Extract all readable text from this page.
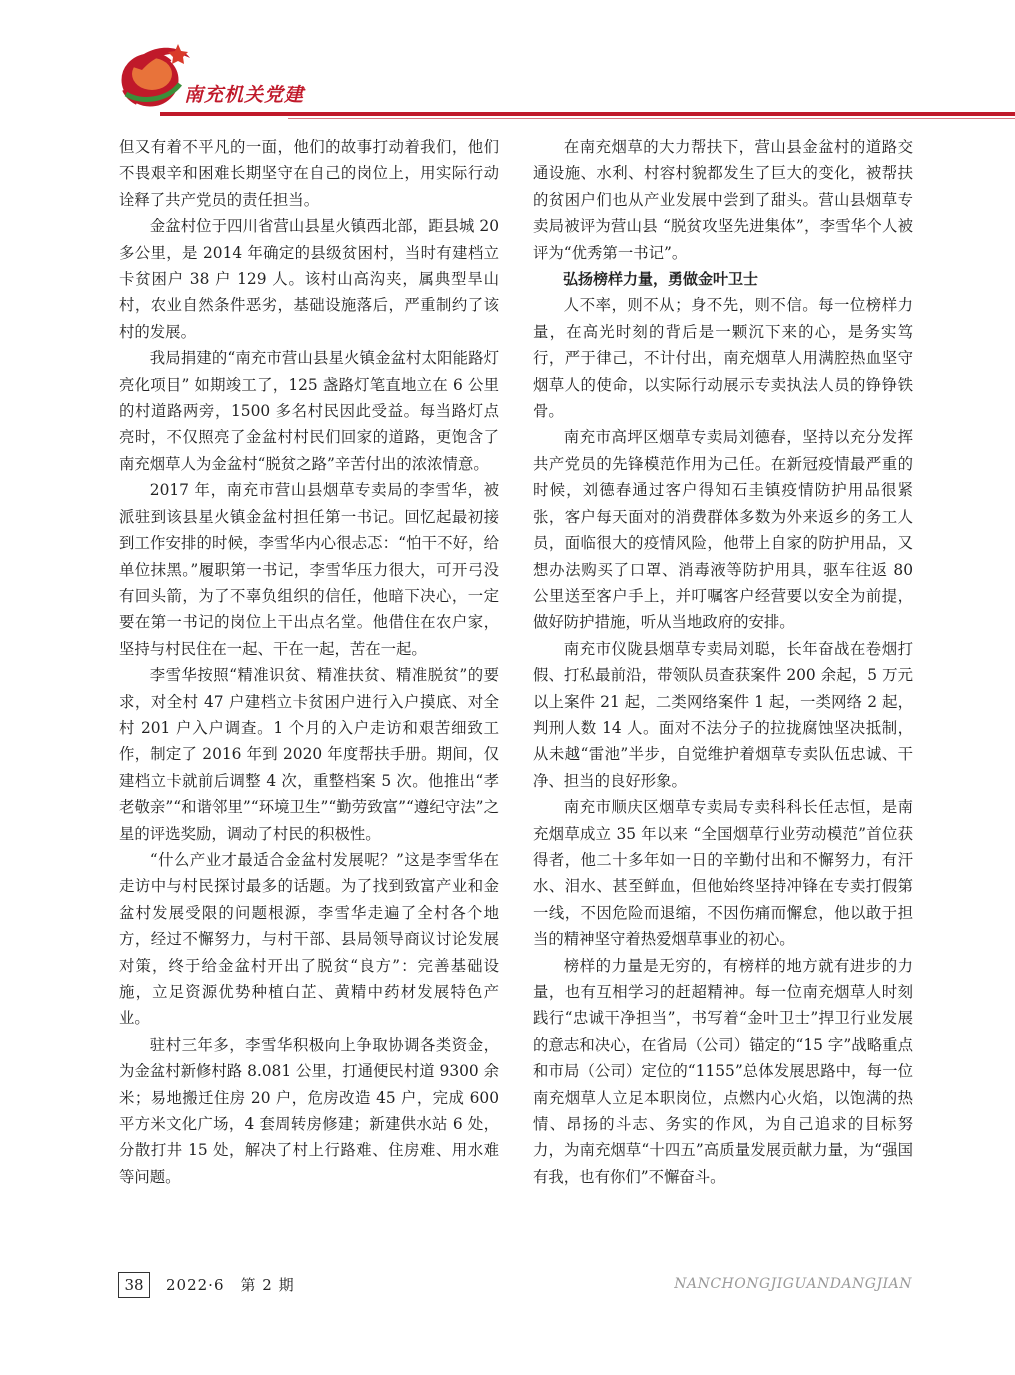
南充机关党建

但又有着不平凡的一面，他们的故事打动着我们，他们不畏艰辛和困难长期坚守在自己的岗位上，用实际行动诠释了共产党员的责任担当。

金盆村位于四川省营山县星火镇西北部，距县城 20 多公里，是 2014 年确定的县级贫困村，当时有建档立卡贫困户 38 户 129 人。该村山高沟夹，属典型旱山村，农业自然条件恶劣，基础设施落后，严重制约了该村的发展。

我局捐建的“南充市营山县星火镇金盆村太阳能路灯亮化项目” 如期竣工了，125 盏路灯笔直地立在 6 公里的村道路两旁，1500 多名村民因此受益。每当路灯点亮时，不仅照亮了金盆村村民们回家的道路，更饱含了南充烟草人为金盆村“脱贫之路”辛苦付出的浓浓情意。

2017 年，南充市营山县烟草专卖局的李雪华，被派驻到该县星火镇金盆村担任第一书记。回忆起最初接到工作安排的时候，李雪华内心很忐忑：“怕干不好，给单位抹黑。”履职第一书记，李雪华压力很大，可开弓没有回头箭，为了不辜负组织的信任，他暗下决心，一定要在第一书记的岗位上干出点名堂。他借住在农户家，坚持与村民住在一起、干在一起，苦在一起。

李雪华按照“精准识贫、精准扶贫、精准脱贫”的要求，对全村 47 户建档立卡贫困户进行入户摸底、对全村 201 户入户调查。1 个月的入户走访和艰苦细致工作，制定了 2016 年到 2020 年度帮扶手册。期间，仅建档立卡就前后调整 4 次，重整档案 5 次。他推出“孝老敬亲”“和谐邻里”“环境卫生”“勤劳致富”“遵纪守法”之星的评选奖励，调动了村民的积极性。

“什么产业才最适合金盆村发展呢？”这是李雪华在走访中与村民探讨最多的话题。为了找到致富产业和金盆村发展受限的问题根源，李雪华走遍了全村各个地方，经过不懈努力，与村干部、县局领导商议讨论发展对策，终于给金盆村开出了脱贫“良方”：完善基础设施，立足资源优势种植白芷、黄精中药材发展特色产业。

驻村三年多，李雪华积极向上争取协调各类资金，为金盆村新修村路 8.081 公里，打通便民村道 9300 余米；易地搬迁住房 20 户，危房改造 45 户，完成 600 平方米文化广场，4 套周转房修建；新建供水站 6 处，分散打井 15 处，解决了村上行路难、住房难、用水难等问题。

在南充烟草的大力帮扶下，营山县金盆村的道路交通设施、水利、村容村貌都发生了巨大的变化，被帮扶的贫困户们也从产业发展中尝到了甜头。营山县烟草专卖局被评为营山县 “脱贫攻坚先进集体”，李雪华个人被评为“优秀第一书记”。

弘扬榜样力量，勇做金叶卫士

人不率，则不从；身不先，则不信。每一位榜样力量，在高光时刻的背后是一颗沉下来的心，是务实笃行，严于律己，不计付出，南充烟草人用满腔热血坚守烟草人的使命，以实际行动展示专卖执法人员的铮铮铁骨。

南充市高坪区烟草专卖局刘德春，坚持以充分发挥共产党员的先锋模范作用为己任。在新冠疫情最严重的时候，刘德春通过客户得知石圭镇疫情防护用品很紧张，客户每天面对的消费群体多数为外来返乡的务工人员，面临很大的疫情风险，他带上自家的防护用品，又想办法购买了口罩、消毒液等防护用具，驱车往返 80 公里送至客户手上，并叮嘱客户经营要以安全为前提，做好防护措施，听从当地政府的安排。

南充市仪陇县烟草专卖局刘聪，长年奋战在卷烟打假、打私最前沿，带领队员查获案件 200 余起，5 万元以上案件 21 起，二类网络案件 1 起，一类网络 2 起，判刑人数 14 人。面对不法分子的拉拢腐蚀坚决抵制，从未越“雷池”半步，自觉维护着烟草专卖队伍忠诚、干净、担当的良好形象。

南充市顺庆区烟草专卖局专卖科科长任志恒，是南充烟草成立 35 年以来 “全国烟草行业劳动模范”首位获得者，他二十多年如一日的辛勤付出和不懈努力，有汗水、泪水、甚至鲜血，但他始终坚持冲锋在专卖打假第一线，不因危险而退缩，不因伤痛而懈怠，他以敢于担当的精神坚守着热爱烟草事业的初心。

榜样的力量是无穷的，有榜样的地方就有进步的力量，也有互相学习的赶超精神。每一位南充烟草人时刻践行“忠诚干净担当”，书写着“金叶卫士”捍卫行业发展的意志和决心，在省局（公司）锚定的“15 字”战略重点和市局（公司）定位的“1155”总体发展思路中，每一位南充烟草人立足本职岗位，点燃内心火焰，以饱满的热情、昂扬的斗志、务实的作风，为自己追求的目标努力，为南充烟草“十四五”高质量发展贡献力量，为“强国有我，也有你们”不懈奋斗。

38	2022·6　第 2 期	NANCHONGJIGUANDANGJIAN
